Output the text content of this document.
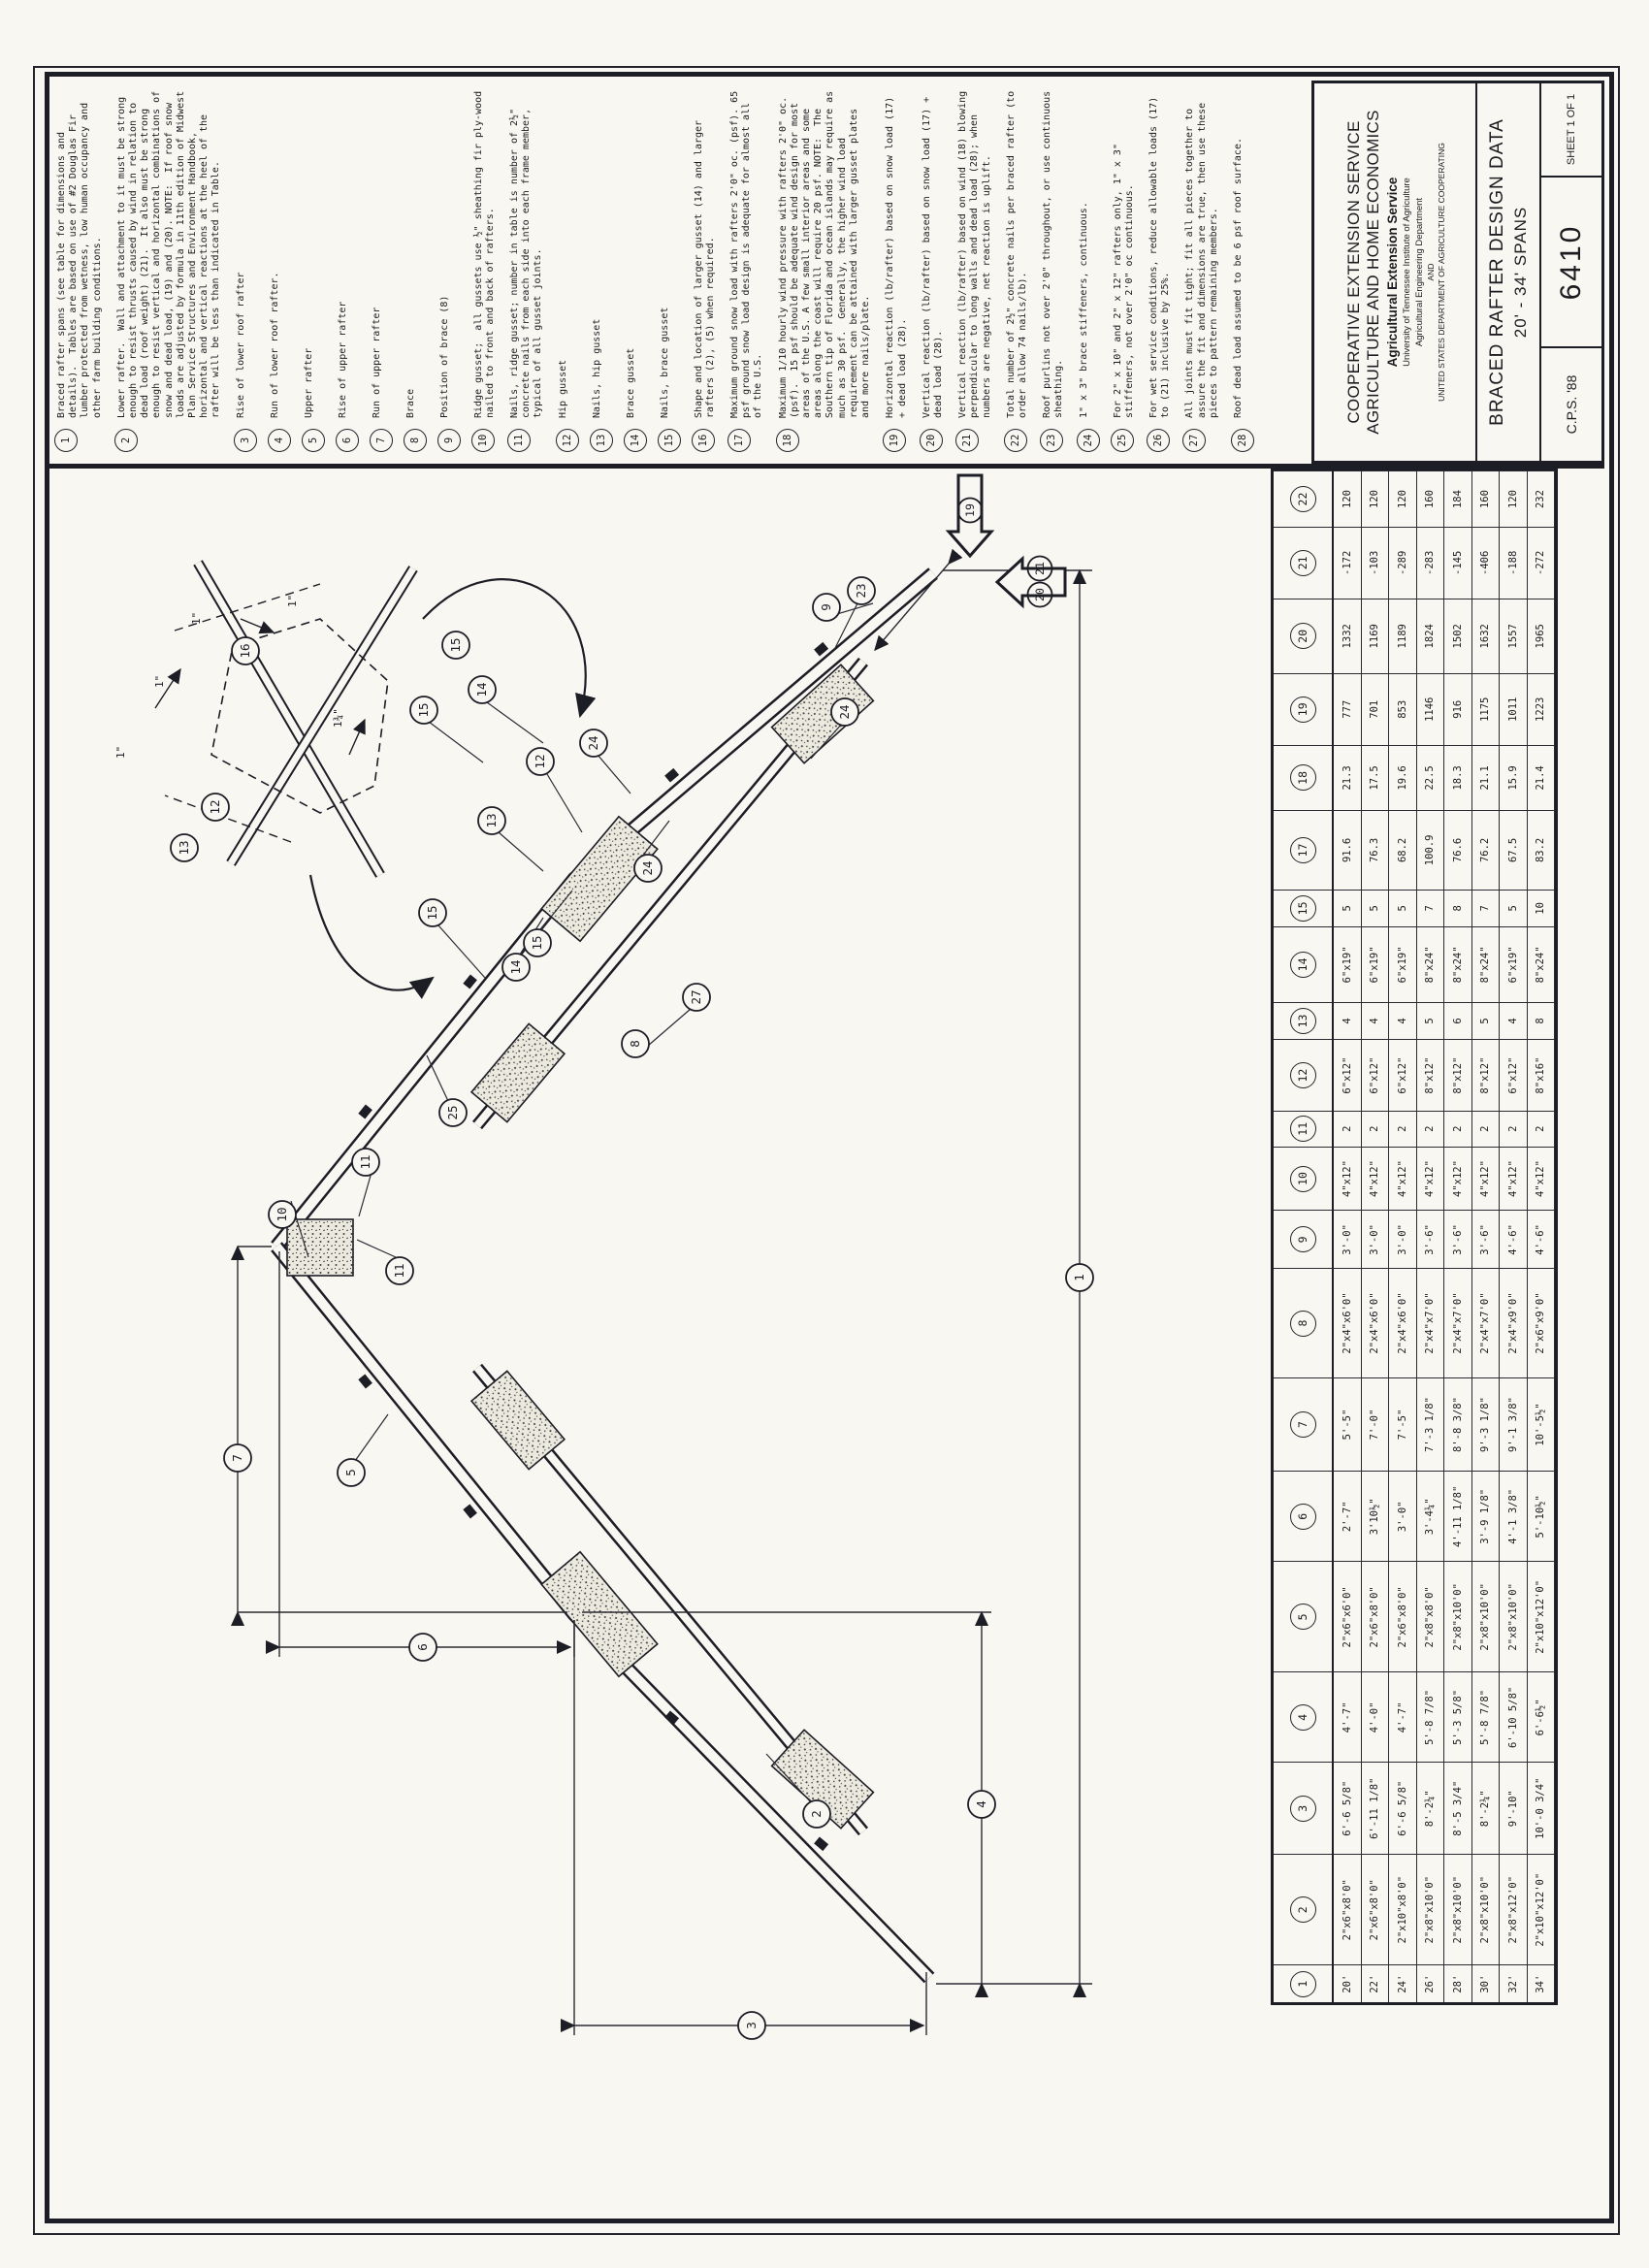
1
2
3
4
5
6
7
8
9
10
11
11
12
13
14
14
15
15
15
23
24
24
24
25
27
16
12
13
15
19
20
21
1"
1"
1"
1¾"
1"
1
Braced rafter spans (see table for dimensions and details).  Tables are based on use of #2 Douglas Fir lumber protected from wetness, low human occupancy and other farm building conditions.
2
Lower rafter.  Wall and attachment to it must be strong enough to resist thrusts caused by wind in relation to dead load (roof weight) (21).  It also must be strong enough to resist vertical and horizontal combinations of snow and dead load, (19) and (20). NOTE:  If roof snow loads are adjusted by formula in 11th edition of Midwest Plan Service Structures and Environment Handbook, horizontal and vertical reactions at the heel of the rafter will be less than indicated in Table.
3
Rise of lower roof rafter
4
Run of lower roof rafter.
5
Upper rafter
6
Rise of upper rafter
7
Run of upper rafter
8
Brace
9
Position of brace (8)
10
Ridge gusset;  all gussets use ½" sheathing fir ply-wood nailed to front and back of rafters.
11
Nails, ridge gusset; number in table is number of 2½" concrete nails from each side into each frame member, typical of all gusset joints.
12
Hip gusset
13
Nails, hip gusset
14
Brace gusset
15
Nails, brace gusset
16
Shape and location of larger gusset (14) and larger rafters (2), (5) when required.
17
Maximum ground snow load with rafters 2'0" oc. (psf). 65 psf ground snow load design is adequate for almost all of the U.S.
18
Maximum 1/10 hourly wind pressure with rafters 2'0" oc. (psf).  15 psf should be adequate wind design for most areas of the U.S. A few small interior areas and some areas along the coast will require 20 psf. NOTE:  The Southern tip of Florida and ocean islands may require as much as 30 psf.  Generally, the higher wind load requirement can be attained with larger gusset plates and more nails/plate.
19
Horizontal reaction (lb/rafter) based on snow load (17) + dead load (28).
20
Vertical reaction (lb/rafter) based on snow load (17) + dead load (28).
21
Vertical reaction (lb/rafter) based on wind (18) blowing perpendicular to long walls and dead load (28); when numbers are negative, net reaction is uplift.
22
Total number of 2½" concrete nails per braced rafter (to order allow 74 nails/lb).
23
Roof purlins not over 2'0" throughout, or use continuous sheathing.
24
1" x 3" brace stiffeners, continuous.
25
For 2" x 10" and 2" x 12" rafters only, 1" x 3" stiffeners, not over 2'0" oc continuous.
26
For wet service conditions, reduce allowable loads (17) to (21) inclusive by 25%.
27
All joints must fit tight; fit all pieces together to assure the fit and dimensions are true, then use these pieces to pattern remaining members.
28
Roof dead load assumed to be 6 psf roof surface.
1
2
3
4
5
6
7
8
9
10
11
12
13
14
15
17
18
19
20
21
22
20'
2"x6"x8'0"
6'-6 5/8"
4'-7"
2"x6"x6'0"
2'-7"
5'-5"
2"x4"x6'0"
3'-0"
4"x12"
2
6"x12"
4
6"x19"
5
91.6
21.3
777
1332
-172
120
22'
2"x6"x8'0"
6'-11 1/8"
4'-0"
2"x6"x8'0"
3'10½"
7'-0"
2"x4"x6'0"
3'-0"
4"x12"
2
6"x12"
4
6"x19"
5
76.3
17.5
701
1169
-103
120
24'
2"x10"x8'0"
6'-6 5/8"
4'-7"
2"x6"x8'0"
3'-0"
7'-5"
2"x4"x6'0"
3'-0"
4"x12"
2
6"x12"
4
6"x19"
5
68.2
19.6
853
1189
-289
120
26'
2"x8"x10'0"
8'-2¼"
5'-8 7/8"
2"x8"x8'0"
3'-4¼"
7'-3 1/8"
2"x4"x7'0"
3'-6"
4"x12"
2
8"x12"
5
8"x24"
7
100.9
22.5
1146
1824
-283
160
28'
2"x8"x10'0"
8'-5 3/4"
5'-3 5/8"
2"x8"x10'0"
4'-11 1/8"
8'-8 3/8"
2"x4"x7'0"
3'-6"
4"x12"
2
8"x12"
6
8"x24"
8
76.6
18.3
916
1502
-145
184
30'
2"x8"x10'0"
8'-2¼"
5'-8 7/8"
2"x8"x10'0"
3'-9 1/8"
9'-3 1/8"
2"x4"x7'0"
3'-6"
4"x12"
2
8"x12"
5
8"x24"
7
76.2
21.1
1175
1632
-406
160
32'
2"x8"x12'0"
9'-10"
6'-10 5/8"
2"x8"x10'0"
4'-1 3/8"
9'-1 3/8"
2"x4"x9'0"
4'-6"
4"x12"
2
6"x12"
4
6"x19"
5
67.5
15.9
1011
1557
-188
120
34'
2"x10"x12'0"
10'-0 3/4"
6'-6½"
2"x10"x12'0"
5'-10½"
10'-5½"
2"x6"x9'0"
4'-6"
4"x12"
2
8"x16"
8
8"x24"
10
83.2
21.4
1223
1965
-272
232
COOPERATIVE EXTENSION SERVICE AGRICULTURE AND HOME ECONOMICS Agricultural Extension Service University of Tennessee Institute of Agriculture Agricultural Engineering Department AND UNITED STATES DEPARTMENT OF AGRICULTURE COOPERATING BRACED RAFTER DESIGN DATA 20' - 34' SPANS
C.P.S. '88
6410
SHEET 1 OF 1
